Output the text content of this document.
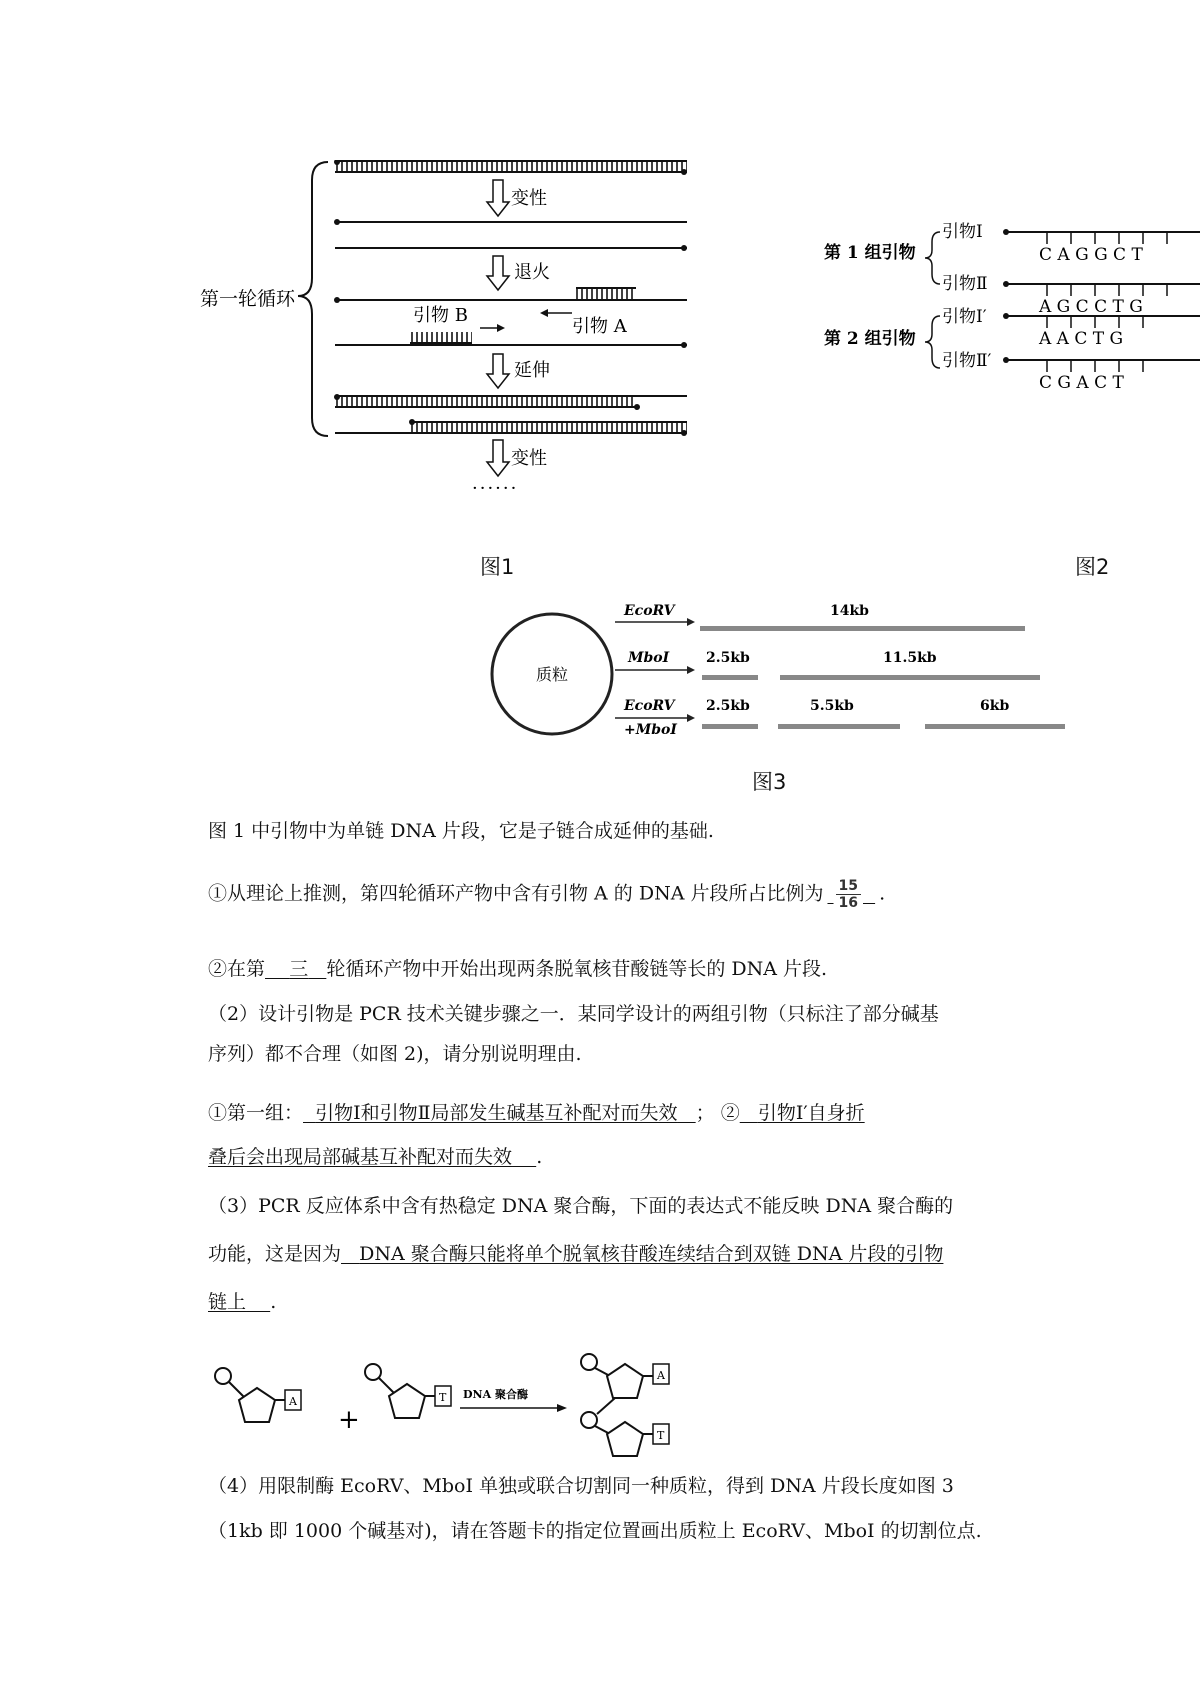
第一轮循环
变性
退火
引物 A
引物 B
延伸
变性
······
图1
第 1 组引物
引物Ⅰ
C A G G C T
引物Ⅱ
A G C C T G
第 2 组引物
引物Ⅰ′
A A C T G
引物Ⅱ′
C G A C T
图2
质粒
EcoRV	14kb
MboⅠ	2.5kb	11.5kb
EcoRV
+MboⅠ
2.5kb	5.5kb	6kb
图3
图 1 中引物中为单链 DNA 片段，它是子链合成延伸的基础.
①从理论上推测，第四轮循环产物中含有引物 A 的 DNA 片段所占比例为 $\frac{15}{16}$ .
②在第 三 轮循环产物中开始出现两条脱氧核苷酸链等长的 DNA 片段.
（2）设计引物是 PCR 技术关键步骤之一．某同学设计的两组引物（只标注了部分碱基
序列）都不合理（如图 2)，请分别说明理由.
①第一组： 引物Ⅰ和引物Ⅱ局部发生碱基互补配对而失效 ； ② 引物Ⅰ′自身折
叠后会出现局部碱基互补配对而失效 .
（3）PCR 反应体系中含有热稳定 DNA 聚合酶，下面的表达式不能反映 DNA 聚合酶的
功能，这是因为 DNA 聚合酶只能将单个脱氧核苷酸连续结合到双链 DNA 片段的引物
链上 .
A
+
T DNA 聚合酶
A
T
（4）用限制酶 EcoRV、MboI 单独或联合切割同一种质粒，得到 DNA 片段长度如图 3
（1kb 即 1000 个碱基对)，请在答题卡的指定位置画出质粒上 EcoRV、MboI 的切割位点.
